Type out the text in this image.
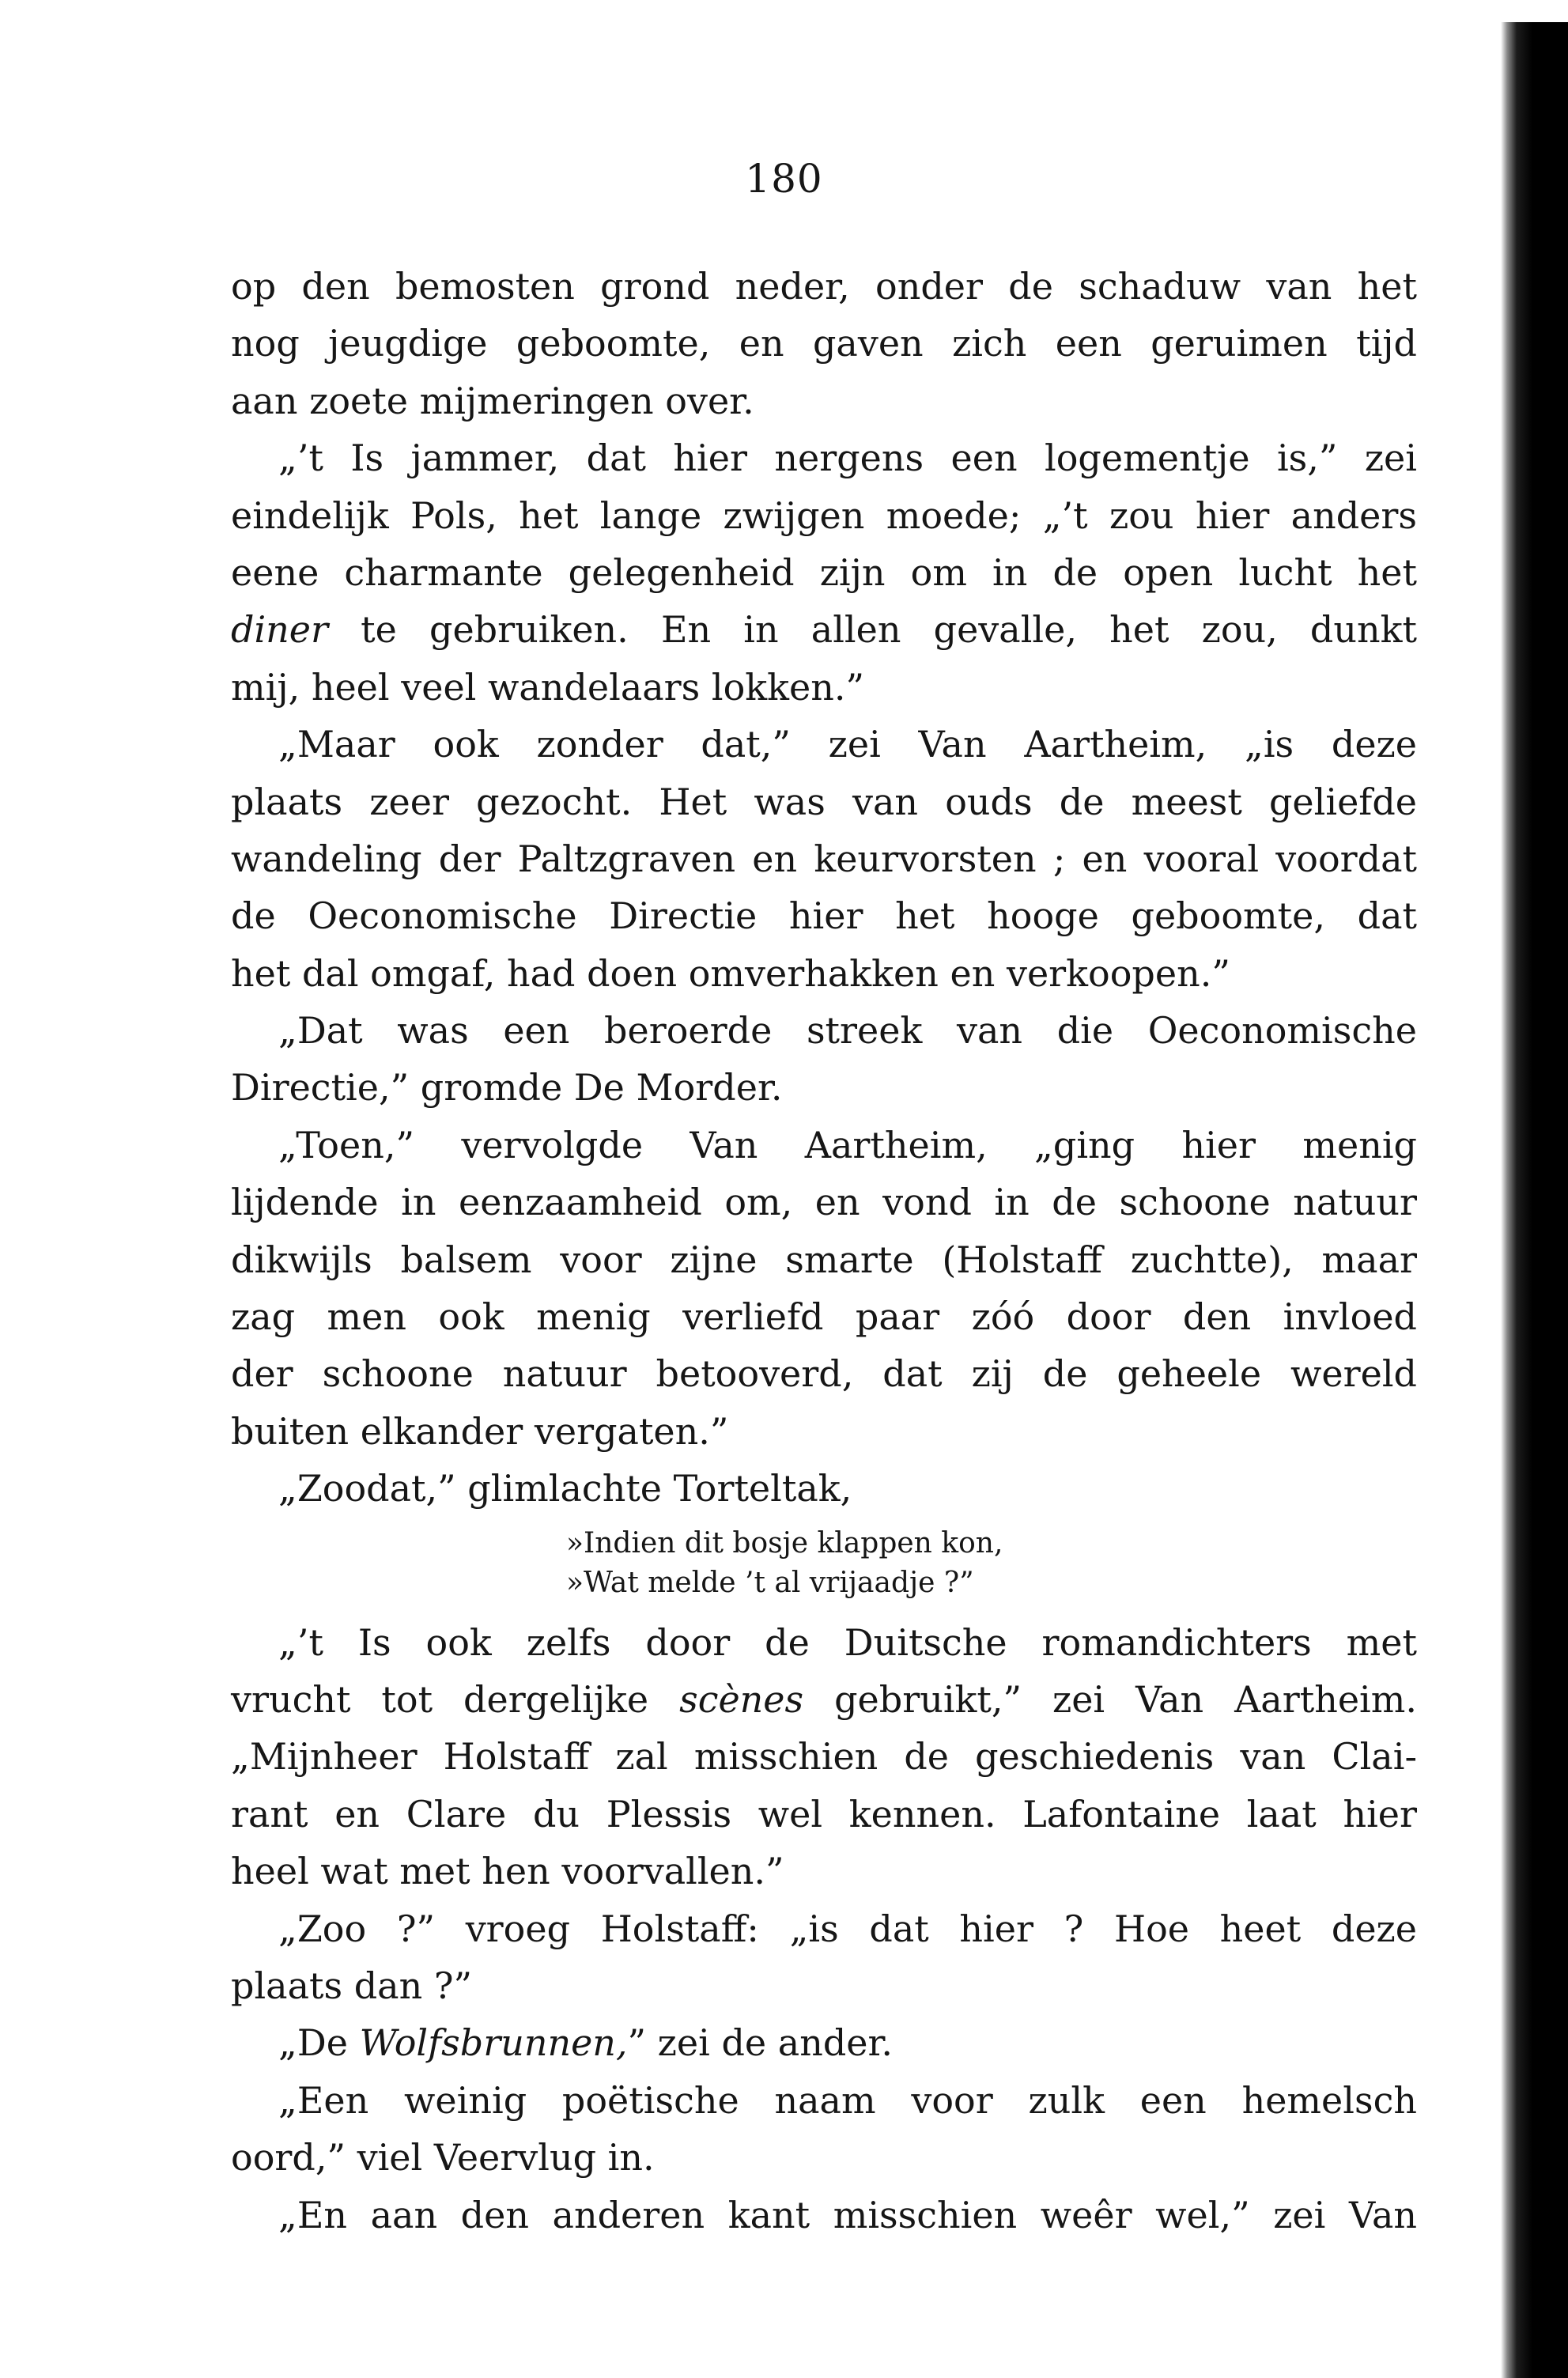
180
op den bemosten grond neder, onder de schaduw van het
nog jeugdige geboomte, en gaven zich een geruimen tijd
aan zoete mijmeringen over.
„’t Is jammer, dat hier nergens een logementje is,” zei
eindelijk Pols, het lange zwijgen moede; „’t zou hier anders
eene charmante gelegenheid zijn om in de open lucht het
diner te gebruiken. En in allen gevalle, het zou, dunkt
mij, heel veel wandelaars lokken.”
„Maar ook zonder dat,” zei Van Aartheim, „is deze
plaats zeer gezocht. Het was van ouds de meest geliefde
wandeling der Paltzgraven en keurvorsten ; en vooral voordat
de Oeconomische Directie hier het hooge geboomte, dat
het dal omgaf, had doen omverhakken en verkoopen.”
„Dat was een beroerde streek van die Oeconomische
Directie,” gromde De Morder.
„Toen,” vervolgde Van Aartheim, „ging hier menig
lijdende in eenzaamheid om, en vond in de schoone natuur
dikwijls balsem voor zijne smarte (Holstaff zuchtte), maar
zag men ook menig verliefd paar zóó door den invloed
der schoone natuur betooverd, dat zij de geheele wereld
buiten elkander vergaten.”
„Zoodat,” glimlachte Torteltak,
»Indien dit bosje klappen kon,
»Wat melde ’t al vrijaadje ?”
„’t Is ook zelfs door de Duitsche romandichters met
vrucht tot dergelijke scènes gebruikt,” zei Van Aartheim.
„Mijnheer Holstaff zal misschien de geschiedenis van Clai-
rant en Clare du Plessis wel kennen. Lafontaine laat hier
heel wat met hen voorvallen.”
„Zoo ?” vroeg Holstaff: „is dat hier ? Hoe heet deze
plaats dan ?”
„De Wolfsbrunnen,” zei de ander.
„Een weinig poëtische naam voor zulk een hemelsch
oord,” viel Veervlug in.
„En aan den anderen kant misschien weêr wel,” zei Van
